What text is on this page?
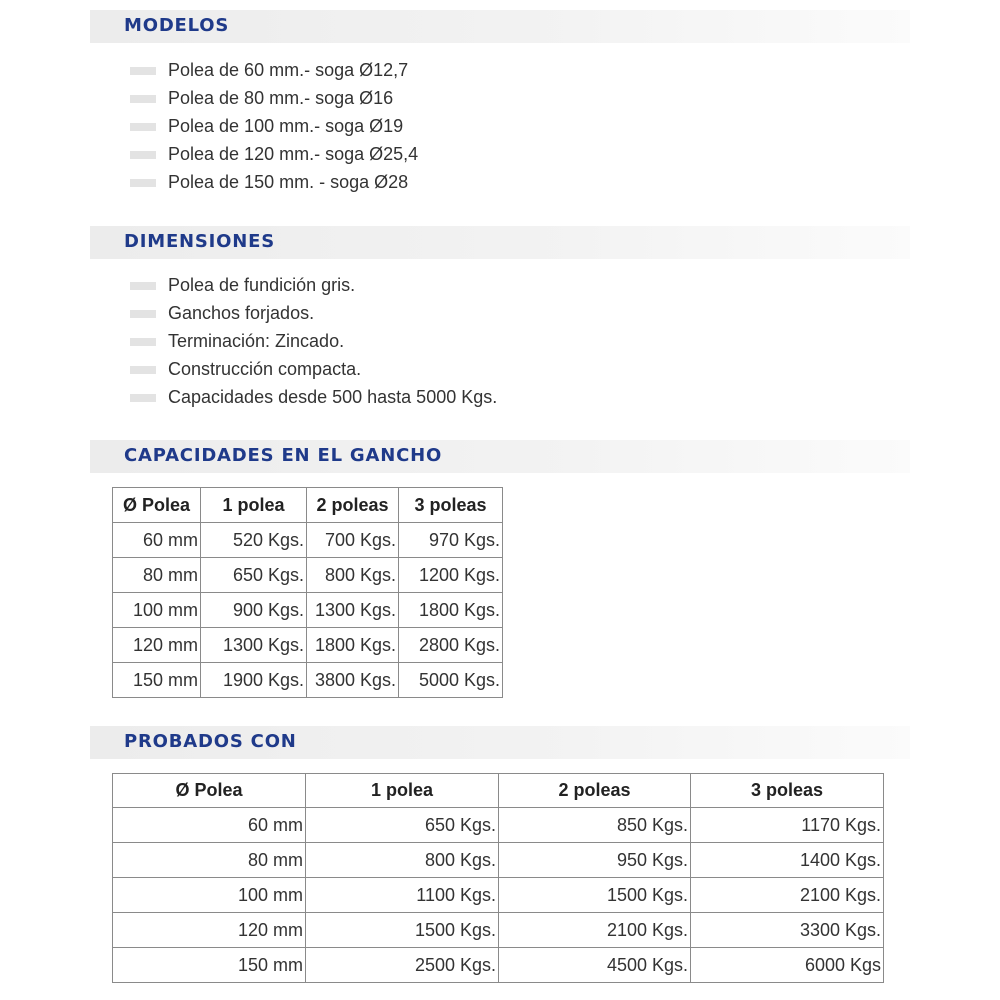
MODELOS
Polea de 60 mm.- soga Ø12,7
Polea de 80 mm.- soga Ø16
Polea de 100 mm.- soga Ø19
Polea de 120 mm.- soga Ø25,4
Polea de 150 mm. - soga Ø28
DIMENSIONES
Polea de fundición gris.
Ganchos forjados.
Terminación: Zincado.
Construcción compacta.
Capacidades desde 500 hasta 5000 Kgs.
CAPACIDADES EN EL GANCHO
Ø Polea	1 polea	2 poleas	3 poleas
60 mm	520 Kgs.	700 Kgs.	970 Kgs.
80 mm	650 Kgs.	800 Kgs.	1200 Kgs.
100 mm	900 Kgs.	1300 Kgs.	1800 Kgs.
120 mm	1300 Kgs.	1800 Kgs.	2800 Kgs.
150 mm	1900 Kgs.	3800 Kgs.	5000 Kgs.
PROBADOS CON
Ø Polea	1 polea	2 poleas	3 poleas
60 mm	650 Kgs.	850 Kgs.	1170 Kgs.
80 mm	800 Kgs.	950 Kgs.	1400 Kgs.
100 mm	1100 Kgs.	1500 Kgs.	2100 Kgs.
120 mm	1500 Kgs.	2100 Kgs.	3300 Kgs.
150 mm	2500 Kgs.	4500 Kgs.	6000 Kgs
